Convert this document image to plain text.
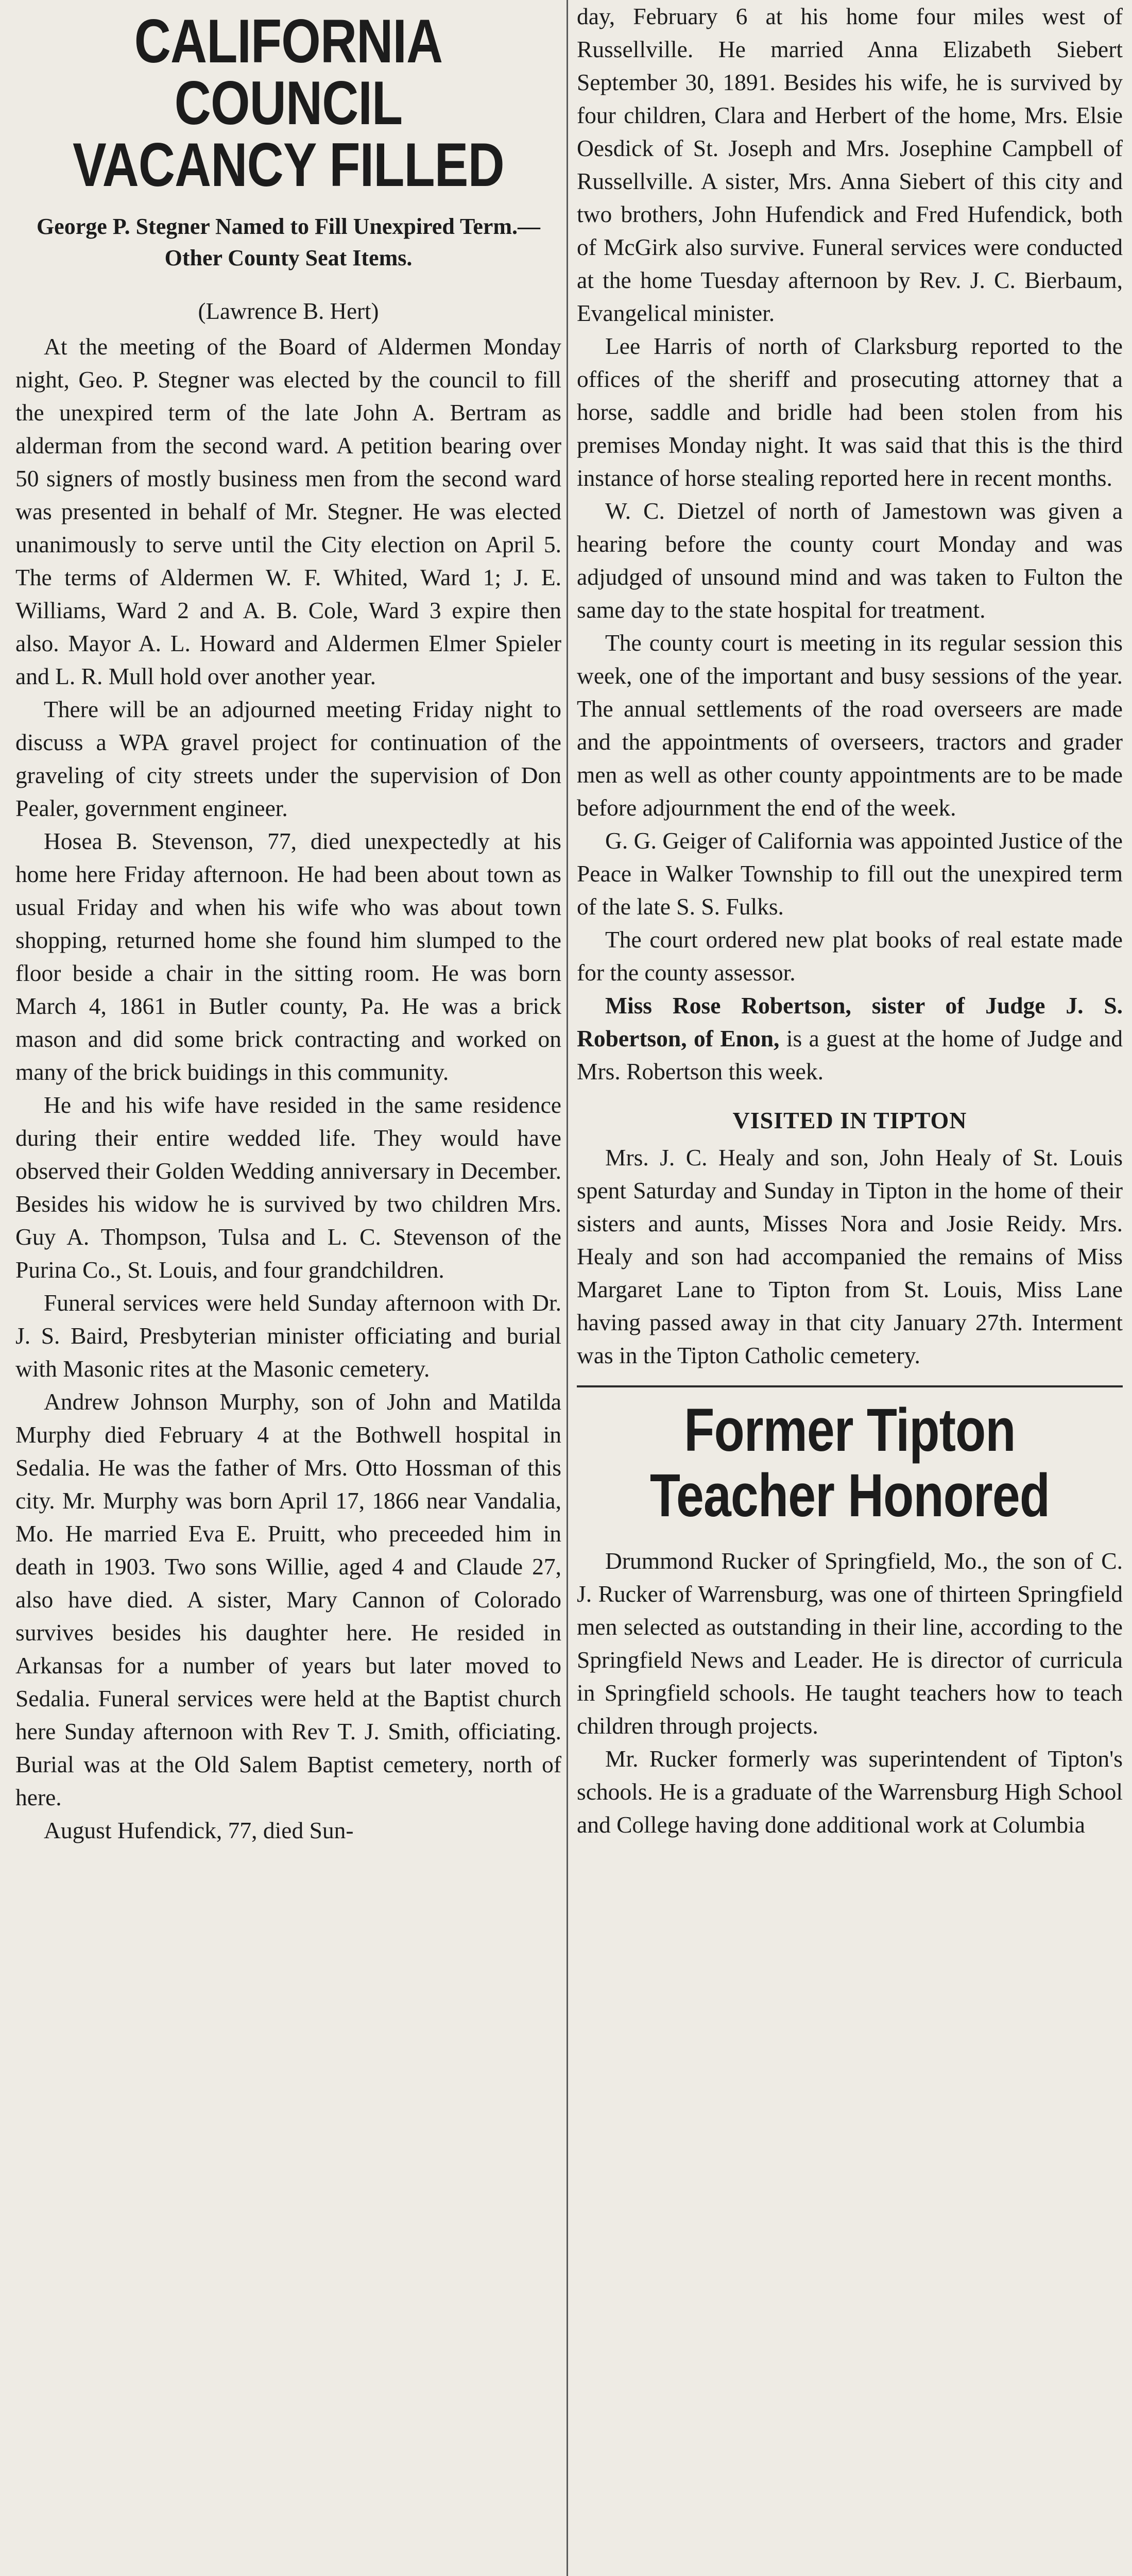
CALIFORNIA COUNCIL
VACANCY FILLED
George P. Stegner Named to Fill Unexpired Term.—Other County Seat Items.

(Lawrence B. Hert)

At the meeting of the Board of Aldermen Monday night, Geo. P. Stegner was elected by the council to fill the unexpired term of the late John A. Bertram as alderman from the second ward. A petition bearing over 50 signers of mostly business men from the second ward was presented in behalf of Mr. Stegner. He was elected unanimously to serve until the City election on April 5. The terms of Aldermen W. F. Whited, Ward 1; J. E. Williams, Ward 2 and A. B. Cole, Ward 3 expire then also. Mayor A. L. Howard and Aldermen Elmer Spieler and L. R. Mull hold over another year.

There will be an adjourned meeting Friday night to discuss a WPA gravel project for continuation of the graveling of city streets under the supervision of Don Pealer, government engineer.

Hosea B. Stevenson, 77, died unexpectedly at his home here Friday afternoon. He had been about town as usual Friday and when his wife who was about town shopping, returned home she found him slumped to the floor beside a chair in the sitting room. He was born March 4, 1861 in Butler county, Pa. He was a brick mason and did some brick contracting and worked on many of the brick buidings in this community.

He and his wife have resided in the same residence during their entire wedded life. They would have observed their Golden Wedding anniversary in December. Besides his widow he is survived by two children Mrs. Guy A. Thompson, Tulsa and L. C. Stevenson of the Purina Co., St. Louis, and four grandchildren.

Funeral services were held Sunday afternoon with Dr. J. S. Baird, Presbyterian minister officiating and burial with Masonic rites at the Masonic cemetery.

Andrew Johnson Murphy, son of John and Matilda Murphy died February 4 at the Bothwell hospital in Sedalia. He was the father of Mrs. Otto Hossman of this city. Mr. Murphy was born April 17, 1866 near Vandalia, Mo. He married Eva E. Pruitt, who preceeded him in death in 1903. Two sons Willie, aged 4 and Claude 27, also have died. A sister, Mary Cannon of Colorado survives besides his daughter here. He resided in Arkansas for a number of years but later moved to Sedalia. Funeral services were held at the Baptist church here Sunday afternoon with Rev T. J. Smith, officiating. Burial was at the Old Salem Baptist cemetery, north of here.

August Hufendick, 77, died Sun-

day, February 6 at his home four miles west of Russellville. He married Anna Elizabeth Siebert September 30, 1891. Besides his wife, he is survived by four children, Clara and Herbert of the home, Mrs. Elsie Oesdick of St. Joseph and Mrs. Josephine Campbell of Russellville. A sister, Mrs. Anna Siebert of this city and two brothers, John Hufendick and Fred Hufendick, both of McGirk also survive. Funeral services were conducted at the home Tuesday afternoon by Rev. J. C. Bierbaum, Evangelical minister.

Lee Harris of north of Clarksburg reported to the offices of the sheriff and prosecuting attorney that a horse, saddle and bridle had been stolen from his premises Monday night. It was said that this is the third instance of horse stealing reported here in recent months.

W. C. Dietzel of north of Jamestown was given a hearing before the county court Monday and was adjudged of unsound mind and was taken to Fulton the same day to the state hospital for treatment.

The county court is meeting in its regular session this week, one of the important and busy sessions of the year. The annual settlements of the road overseers are made and the appointments of overseers, tractors and grader men as well as other county appointments are to be made before adjournment the end of the week.

G. G. Geiger of California was appointed Justice of the Peace in Walker Township to fill out the unexpired term of the late S. S. Fulks.

The court ordered new plat books of real estate made for the county assessor.

Miss Rose Robertson, sister of Judge J. S. Robertson, of Enon, is a guest at the home of Judge and Mrs. Robertson this week.

VISITED IN TIPTON

Mrs. J. C. Healy and son, John Healy of St. Louis spent Saturday and Sunday in Tipton in the home of their sisters and aunts, Misses Nora and Josie Reidy. Mrs. Healy and son had accompanied the remains of Miss Margaret Lane to Tipton from St. Louis, Miss Lane having passed away in that city January 27th. Interment was in the Tipton Catholic cemetery.

Former Tipton
Teacher Honored

Drummond Rucker of Springfield, Mo., the son of C. J. Rucker of Warrensburg, was one of thirteen Springfield men selected as outstanding in their line, according to the Springfield News and Leader. He is director of curricula in Springfield schools. He taught teachers how to teach children through projects.

Mr. Rucker formerly was superintendent of Tipton's schools. He is a graduate of the Warrensburg High School and College having done additional work at Columbia
